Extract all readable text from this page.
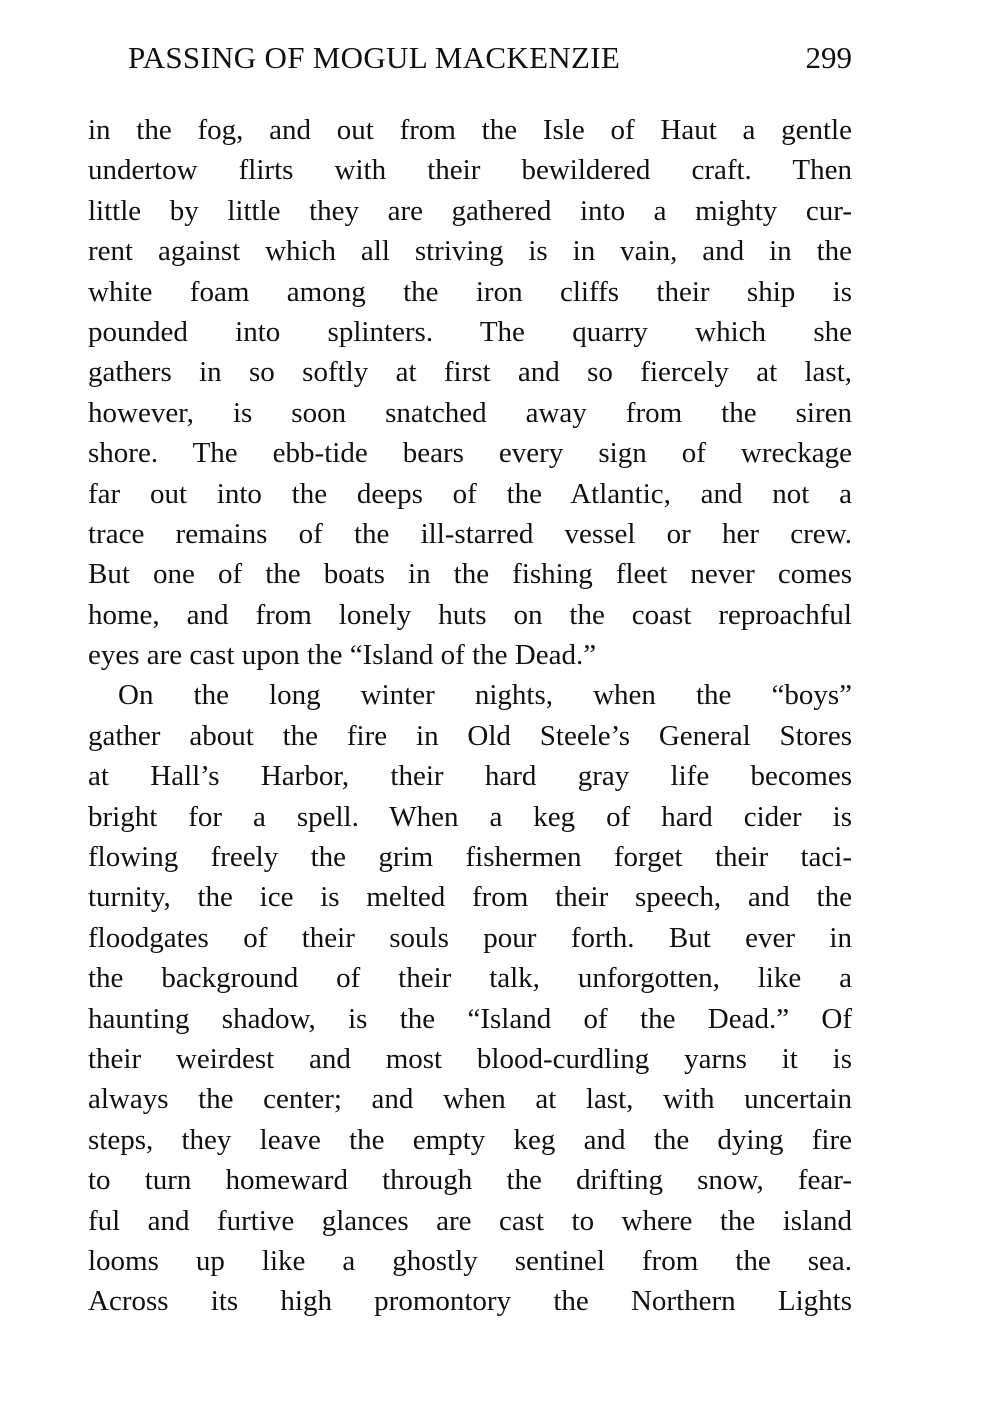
PASSING OF MOGUL MACKENZIE	299
in the fog, and out from the Isle of Haut a gentle
undertow flirts with their bewildered craft. Then
little by little they are gathered into a mighty cur-
rent against which all striving is in vain, and in the
white foam among the iron cliffs their ship is
pounded into splinters. The quarry which she
gathers in so softly at first and so fiercely at last,
however, is soon snatched away from the siren
shore. The ebb-tide bears every sign of wreckage
far out into the deeps of the Atlantic, and not a
trace remains of the ill-starred vessel or her crew.
But one of the boats in the fishing fleet never comes
home, and from lonely huts on the coast reproachful
eyes are cast upon the “Island of the Dead.”
On the long winter nights, when the “boys”
gather about the fire in Old Steele’s General Stores
at Hall’s Harbor, their hard gray life becomes
bright for a spell. When a keg of hard cider is
flowing freely the grim fishermen forget their taci-
turnity, the ice is melted from their speech, and the
floodgates of their souls pour forth. But ever in
the background of their talk, unforgotten, like a
haunting shadow, is the “Island of the Dead.” Of
their weirdest and most blood-curdling yarns it is
always the center; and when at last, with uncertain
steps, they leave the empty keg and the dying fire
to turn homeward through the drifting snow, fear-
ful and furtive glances are cast to where the island
looms up like a ghostly sentinel from the sea.
Across its high promontory the Northern Lights
